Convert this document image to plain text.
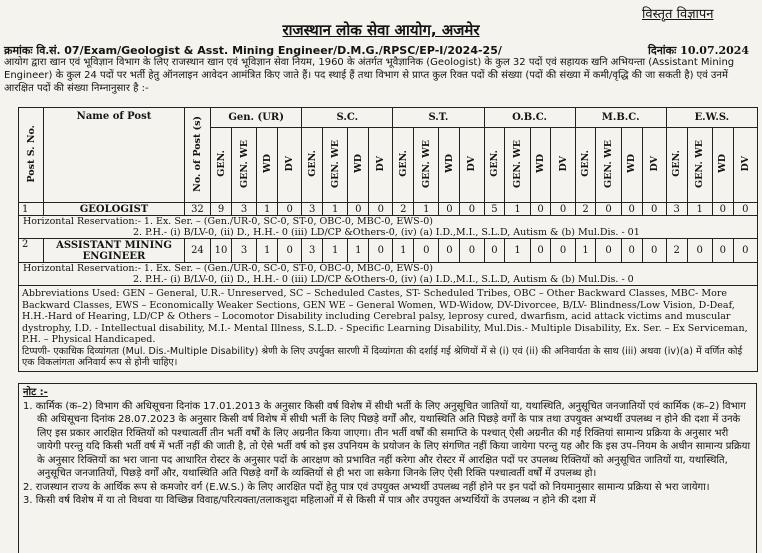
विस्तृत विज्ञापन
राजस्थान लोक सेवा आयोग, अजमेर
क्रमांकः वि.सं. 07/Exam/Geologist & Asst. Mining Engineer/D.M.G./RPSC/EP-I/2024-25/	दिनांकः 10.07.2024
आयोग द्वारा खान एवं भूविज्ञान विभाग के लिए राजस्थान खान एवं भूविज्ञान सेवा नियम, 1960 के अंतर्गत भूवैज्ञानिक (Geologist) के कुल 32 पदों एवं सहायक खनि अभियन्ता (Assistant Mining Engineer) के कुल 24 पदों पर भर्ती हेतु ऑनलाइन आवेदन आमंत्रित किए जाते हैं। पद स्थाई हैं तथा विभाग से प्राप्त कुल रिक्त पदों की संख्या (पदों की संख्या में कमी/वृद्धि की जा सकती है) एवं उनमें आरक्षित पदों की संख्या निम्नानुसार है :-
Post S. No.	Name of Post	No. of Post (s)	Gen. (UR)				S.C.				S.T.				O.B.C.				M.B.C.				E.W.S.			
			GEN.	GEN. WE	WD	DV	GEN.	GEN. WE	WD	DV	GEN.	GEN. WE	WD	DV	GEN.	GEN. WE	WD	DV	GEN.	GEN. WE	WD	DV	GEN.	GEN. WE	WD	DV
1	GEOLOGIST	32	9	3	1	0	3	1	0	0	2	1	0	0	5	1	0	0	2	0	0	0	3	1	0	0
Horizontal Reservation:- 1. Ex. Ser. – (Gen./UR-0, SC-0, ST-0, OBC-0, MBC-0, EWS-0)
2. P.H.- (i) B/LV-0, (ii) D., H.H.- 0 (iii) LD/CP &Others-0, (iv) (a) I.D.,M.I., S.L.D, Autism & (b) Mul.Dis. - 01																										

2	ASSISTANT MINING ENGINEER	24	10	3	1	0	3	1	1	0	1	0	0	0	0	1	0	0	1	0	0	0	2	0	0	0
Horizontal Reservation:- 1. Ex. Ser. – (Gen./UR-0, SC-0, ST-0, OBC-0, MBC-0, EWS-0)
2. P.H.- (i) B/LV-0, (ii) D., H.H.- 0 (iii) LD/CP &Others-0, (iv) (a) I.D.,M.I., S.L.D, Autism & (b) Mul.Dis. - 0																										

Abbreviations Used: GEN – General, U.R.- Unreserved, SC – Scheduled Castes, ST- Scheduled Tribes, OBC – Other Backward Classes, MBC- More Backward Classes, EWS – Economically Weaker Sections, GEN WE – General Women, WD-Widow, DV-Divorcee, B/LV- Blindness/Low Vision, D-Deaf, H.H.-Hard of Hearing, LD/CP & Others – Locomotor Disability including Cerebral palsy, leprosy cured, dwarfism, acid attack victims and muscular dystrophy, I.D. - Intellectual disability, M.I.- Mental Illness, S.L.D. - Specific Learning Disability, Mul.Dis.- Multiple Disability, Ex. Ser. – Ex Serviceman, P.H. – Physical Handicaped.
टिप्पणी- एकाधिक दिव्यांगता (Mul. Dis.-Multiple Disability) श्रेणी के लिए उपर्युक्त सारणी में दिव्यांगता की दर्शाई गई श्रेणियों में से (i) एवं (ii) की अनिवार्यता के साथ (iii) अथवा (iv)(a) में वर्णित कोई एक विकलांगता अनिवार्य रूप से होनी चाहिए।																										
नोट :-
1. कार्मिक (क–2) विभाग की अधिसूचना दिनांक 17.01.2013 के अनुसार किसी वर्ष विशेष में सीधी भर्ती के लिए अनुसूचित जातियों या, यथास्थिति, अनुसूचित जनजातियों एवं कार्मिक (क–2) विभाग की अधिसूचना दिनांक 28.07.2023 के अनुसार किसी वर्ष विशेष में सीधी भर्ती के लिए पिछड़े वर्गों और, यथास्थिति अति पिछड़े वर्गों के पात्र तथा उपयुक्त अभ्यर्थी उपलब्ध न होने की दशा में उनके लिए इस प्रकार आरक्षित रिक्तियों को पश्चात्वर्ती तीन भर्ती वर्षों के लिए अग्रनीत किया जाएगा। तीन भर्ती वर्षों की समाप्ति के पश्चात् ऐसी अग्रनीत की गई रिक्तियां सामान्य प्रक्रिया के अनुसार भरी जायेगी परन्तु यदि किसी भर्ती वर्ष में भर्ती नहीं की जाती है, तो ऐसे भर्ती वर्ष को इस उपनियम के प्रयोजन के लिए संगणित नहीं किया जायेगा परन्तु यह और कि इस उप–नियम के अधीन सामान्य प्रक्रिया के अनुसार रिक्तियों का भरा जाना पद आधारित रोस्टर के अनुसार पदों के आरक्षण को प्रभावित नहीं करेगा और रोस्टर में आरक्षित पदों पर उपलब्ध रिक्तियों को अनुसूचित जातियों या, यथास्थिति, अनुसूचित जनजातियों, पिछड़े वर्गों और, यथास्थिति अति पिछड़े वर्गों के व्यक्तियों से ही भरा जा सकेगा जिनके लिए ऐसी रिक्ति पश्चात्वर्ती वर्षों में उपलब्ध हो।
2. राजस्थान राज्य के आर्थिक रूप से कमजोर वर्ग (E.W.S.) के लिए आरक्षित पदों हेतु पात्र एवं उपयुक्त अभ्यर्थी उपलब्ध नहीं होने पर इन पदों को नियमानुसार सामान्य प्रक्रिया से भरा जायेगा।
3. किसी वर्ष विशेष में या तो विधवा या विच्छिन्न विवाह/परित्यक्ता/तलाकशुदा महिलाओं में से किसी में पात्र और उपयुक्त अभ्यर्थियों के उपलब्ध न होने की दशा में
